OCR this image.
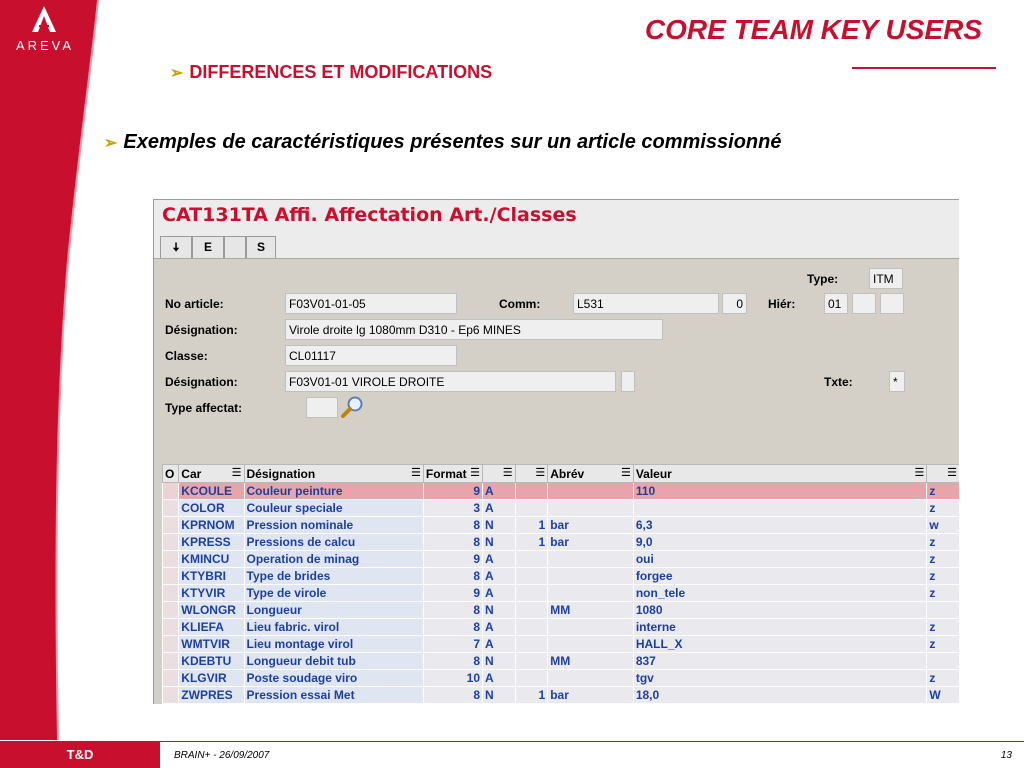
AREVA
CORE TEAM KEY USERS
➢ DIFFERENCES ET MODIFICATIONS
➢ Exemples de caractéristiques présentes sur un article commissionné
CAT131TA Affi. Affectation Art./Classes
🠇	E	S
Type:	ITM
No article:	F03V01-01-05	Comm:	L531	0	Hiér:	01
Désignation:	Virole droite lg 1080mm D310 - Ep6 MINES
Classe:	CL01117
Désignation:	F03V01-01 VIROLE DROITE	Txte:	*
Type affectat:
O	Car ☰	Désignation ☰	Format ☰	☰	☰	Abrév ☰	Valeur ☰	☰

	KCOULE	Couleur peinture	9	A			110	z
	COLOR	Couleur speciale	3	A				z
	KPRNOM	Pression nominale	8	N	1	bar	6,3	w
	KPRESS	Pressions de calcu	8	N	1	bar	9,0	z
	KMINCU	Operation de minag	9	A			oui	z
	KTYBRI	Type de brides	8	A			forgee	z
	KTYVIR	Type de virole	9	A			non_tele	z
	WLONGR	Longueur	8	N		MM	1080	
	KLIEFA	Lieu fabric. virol	8	A			interne	z
	WMTVIR	Lieu montage virol	7	A			HALL_X	z
	KDEBTU	Longueur debit tub	8	N		MM	837	
	KLGVIR	Poste soudage viro	10	A			tgv	z
	ZWPRES	Pression essai Met	8	N	1	bar	18,0	W
T&D	BRAIN+ - 26/09/2007	13
